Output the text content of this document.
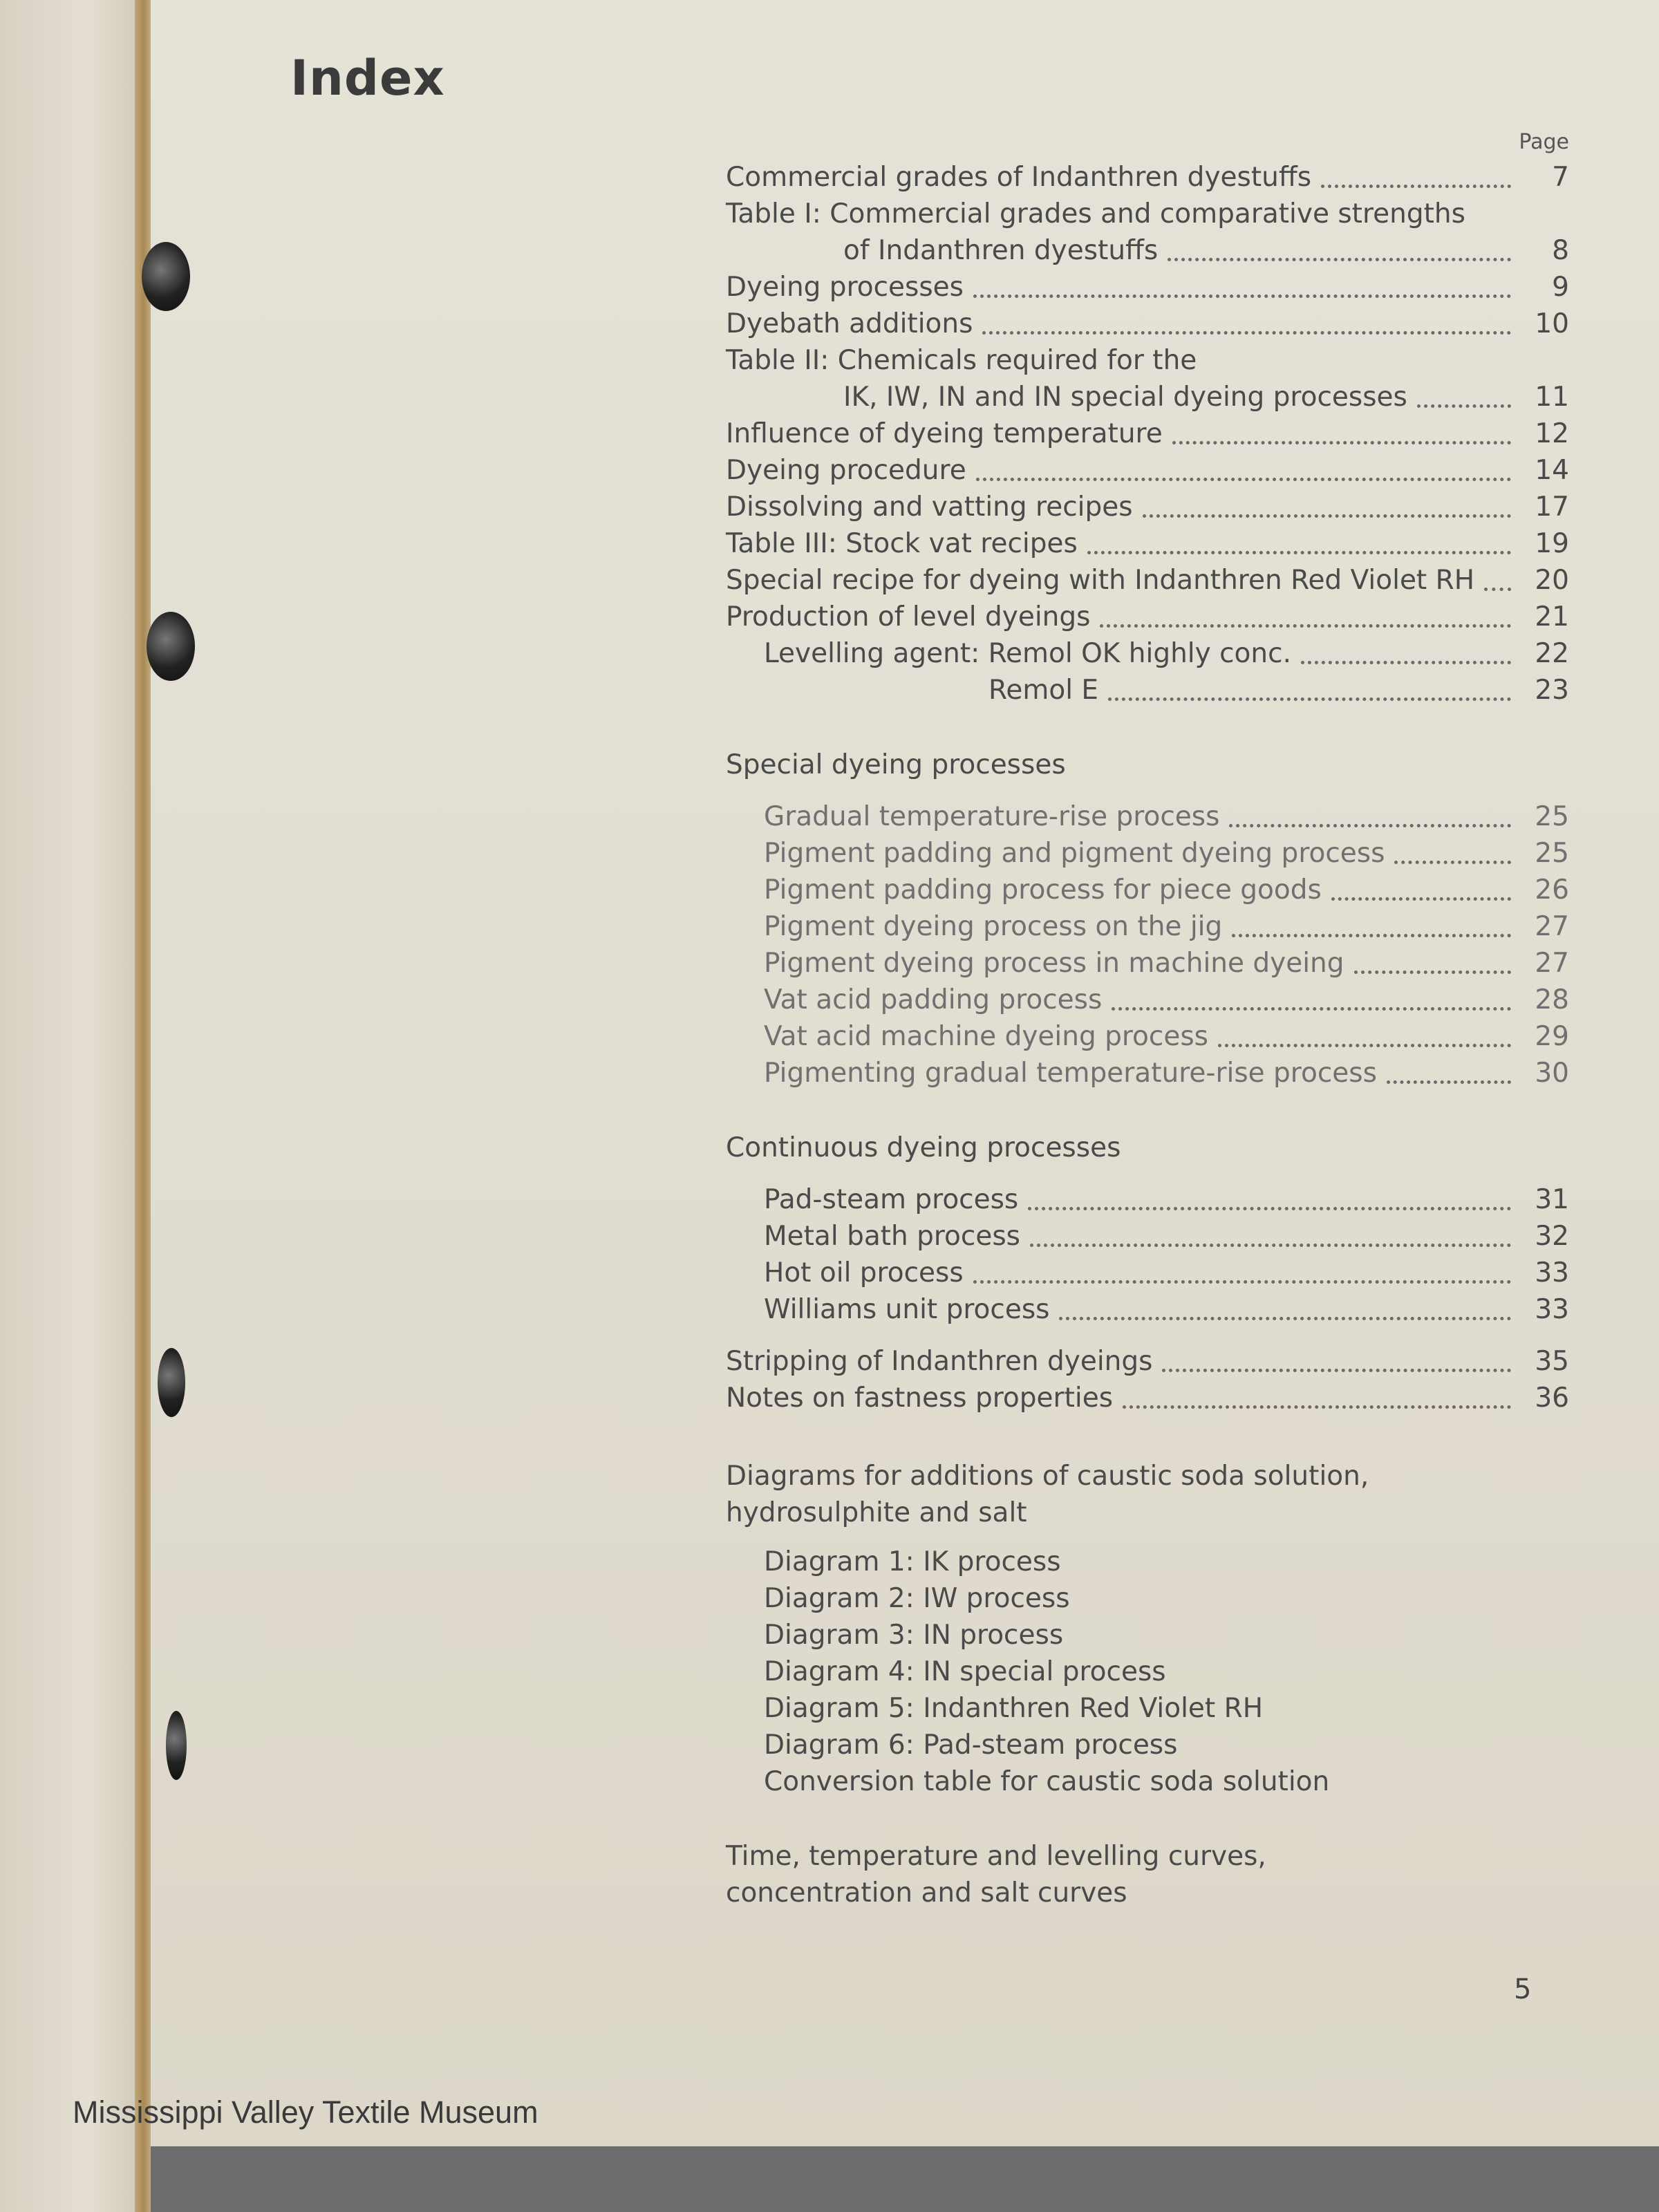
Index
Page
Commercial grades of Indanthren dyestuffs	7
Table I: Commercial grades and comparative strengths
of Indanthren dyestuffs	8
Dyeing processes	9
Dyebath additions	10
Table II: Chemicals required for the
IK, IW, IN and IN special dyeing processes	11
Influence of dyeing temperature	12
Dyeing procedure	14
Dissolving and vatting recipes	17
Table III: Stock vat recipes	19
Special recipe for dyeing with Indanthren Red Violet RH	20
Production of level dyeings	21
Levelling agent: Remol OK highly conc.	22
Remol E	23
Special dyeing processes
Gradual temperature-rise process	25
Pigment padding and pigment dyeing process	25
Pigment padding process for piece goods	26
Pigment dyeing process on the jig	27
Pigment dyeing process in machine dyeing	27
Vat acid padding process	28
Vat acid machine dyeing process	29
Pigmenting gradual temperature-rise process	30
Continuous dyeing processes
Pad-steam process	31
Metal bath process	32
Hot oil process	33
Williams unit process	33
Stripping of Indanthren dyeings	35
Notes on fastness properties	36
Diagrams for additions of caustic soda solution,
hydrosulphite and salt
Diagram 1: IK process
Diagram 2: IW process
Diagram 3: IN process
Diagram 4: IN special process
Diagram 5: Indanthren Red Violet RH
Diagram 6: Pad-steam process
Conversion table for caustic soda solution
Time, temperature and levelling curves,
concentration and salt curves
5
Mississippi Valley Textile Museum
